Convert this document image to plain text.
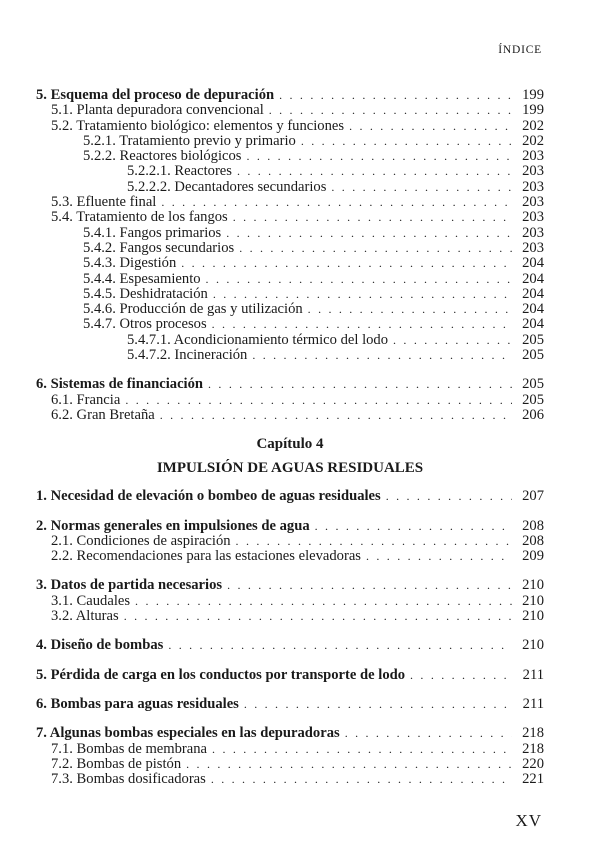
ÍNDICE
5. Esquema del proceso de depuración . . .	199
5.1. Planta depuradora convencional . . .	199
5.2. Tratamiento biológico: elementos y funciones . . .	202
5.2.1. Tratamiento previo y primario . . .	202
5.2.2. Reactores biológicos . . .	203
5.2.2.1. Reactores . . .	203
5.2.2.2. Decantadores secundarios . . .	203
5.3. Efluente final . . .	203
5.4. Tratamiento de los fangos . . .	203
5.4.1. Fangos primarios . . .	203
5.4.2. Fangos secundarios . . .	203
5.4.3. Digestión . . .	204
5.4.4. Espesamiento . . .	204
5.4.5. Deshidratación . . .	204
5.4.6. Producción de gas y utilización . . .	204
5.4.7. Otros procesos . . .	204
5.4.7.1. Acondicionamiento térmico del lodo . . .	205
5.4.7.2. Incineración . . .	205
6. Sistemas de financiación . . .	205
6.1. Francia . . .	205
6.2. Gran Bretaña . . .	206
Capítulo 4
IMPULSIÓN DE AGUAS RESIDUALES
1. Necesidad de elevación o bombeo de aguas residuales . . .	207
2. Normas generales en impulsiones de agua . . .	208
2.1. Condiciones de aspiración . . .	208
2.2. Recomendaciones para las estaciones elevadoras . . .	209
3. Datos de partida necesarios . . .	210
3.1. Caudales . . .	210
3.2. Alturas . . .	210
4. Diseño de bombas . . .	210
5. Pérdida de carga en los conductos por transporte de lodo . . .	211
6. Bombas para aguas residuales . . .	211
7. Algunas bombas especiales en las depuradoras . . .	218
7.1. Bombas de membrana . . .	218
7.2. Bombas de pistón . . .	220
7.3. Bombas dosificadoras . . .	221
XV
